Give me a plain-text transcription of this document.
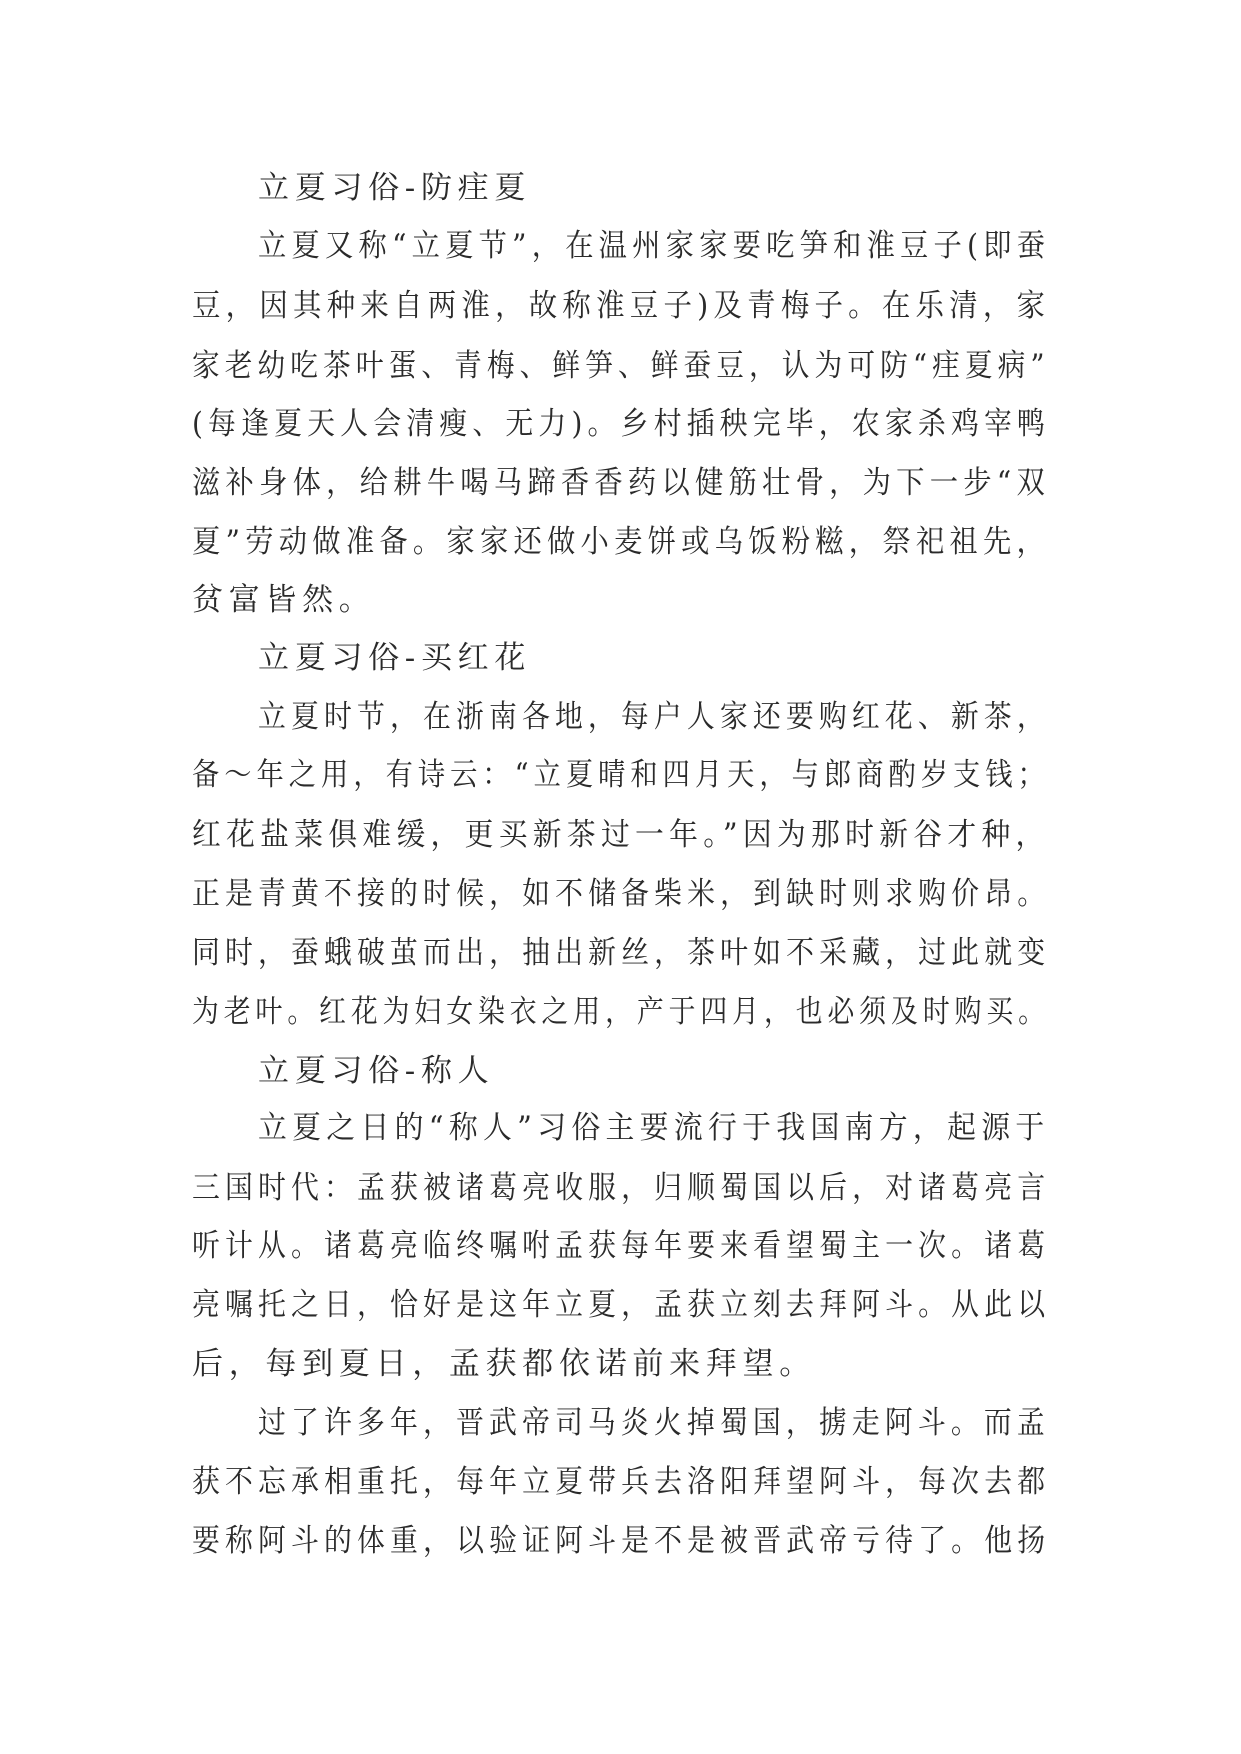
立夏习俗-防疰夏
立夏又称“立夏节”，在温州家家要吃笋和淮豆子(即蚕
豆，因其种来自两淮，故称淮豆子)及青梅子。在乐清，家
家老幼吃茶叶蛋、青梅、鲜笋、鲜蚕豆，认为可防“疰夏病”
(每逢夏天人会清瘦、无力)。乡村插秧完毕，农家杀鸡宰鸭
滋补身体，给耕牛喝马蹄香香药以健筋壮骨，为下一步“双
夏”劳动做准备。家家还做小麦饼或乌饭粉糍，祭祀祖先，
贫富皆然。
立夏习俗-买红花
立夏时节，在浙南各地，每户人家还要购红花、新茶，
备～年之用，有诗云：“立夏晴和四月天，与郎商酌岁支钱；
红花盐菜俱难缓，更买新茶过一年。”因为那时新谷才种，
正是青黄不接的时候，如不储备柴米，到缺时则求购价昂。
同时，蚕蛾破茧而出，抽出新丝，茶叶如不采藏，过此就变
为老叶。红花为妇女染衣之用，产于四月，也必须及时购买。
立夏习俗-称人
立夏之日的“称人”习俗主要流行于我国南方，起源于
三国时代：孟获被诸葛亮收服，归顺蜀国以后，对诸葛亮言
听计从。诸葛亮临终嘱咐孟获每年要来看望蜀主一次。诸葛
亮嘱托之日，恰好是这年立夏，孟获立刻去拜阿斗。从此以
后，每到夏日，孟获都依诺前来拜望。
过了许多年，晋武帝司马炎火掉蜀国，掳走阿斗。而孟
获不忘承相重托，每年立夏带兵去洛阳拜望阿斗，每次去都
要称阿斗的体重，以验证阿斗是不是被晋武帝亏待了。他扬
